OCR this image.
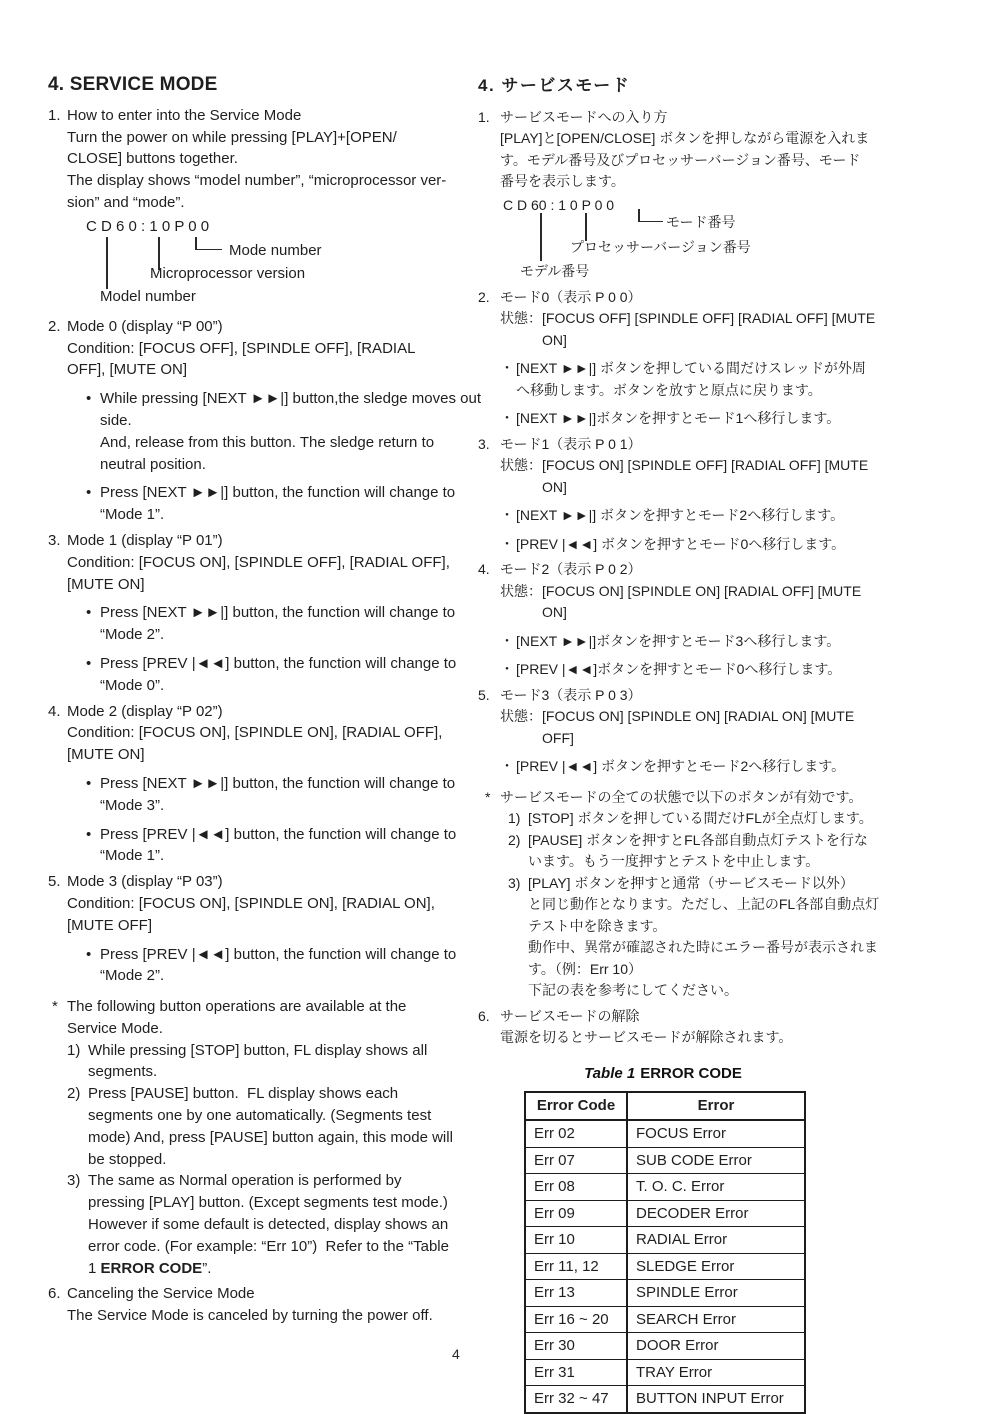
4. SERVICE MODE
1. How to enter into the Service Mode
Turn the power on while pressing [PLAY]+[OPEN/
CLOSE] buttons together.
The display shows “model number”, “microprocessor ver-
sion” and “mode”.
C D 6 0 : 1 0 P 0 0
Mode number
Microprocessor version
Model number
2. Mode 0 (display “P 00”)
Condition: [FOCUS OFF], [SPINDLE OFF], [RADIAL
OFF], [MUTE ON]
• While pressing [NEXT ►►|] button,the sledge moves out
side.
And, release from this button. The sledge return to
neutral position.
• Press [NEXT ►►|] button, the function will change to
“Mode 1”.
3. Mode 1 (display “P 01”)
Condition: [FOCUS ON], [SPINDLE OFF], [RADIAL OFF],
[MUTE ON]
• Press [NEXT ►►|] button, the function will change to
“Mode 2”.
• Press [PREV |◄◄] button, the function will change to
“Mode 0”.
4. Mode 2 (display “P 02”)
Condition: [FOCUS ON], [SPINDLE ON], [RADIAL OFF],
[MUTE ON]
• Press [NEXT ►►|] button, the function will change to
“Mode 3”.
• Press [PREV |◄◄] button, the function will change to
“Mode 1”.
5. Mode 3 (display “P 03”)
Condition: [FOCUS ON], [SPINDLE ON], [RADIAL ON],
[MUTE OFF]
• Press [PREV |◄◄] button, the function will change to
“Mode 2”.
* The following button operations are available at the
Service Mode.
1) While pressing [STOP] button, FL display shows all
segments.
2) Press [PAUSE] button.  FL display shows each
segments one by one automatically. (Segments test
mode) And, press [PAUSE] button again, this mode will
be stopped.
3) The same as Normal operation is performed by
pressing [PLAY] button. (Except segments test mode.)
However if some default is detected, display shows an
error code. (For example: “Err 10”)  Refer to the “Table
1 ERROR CODE”.
6. Canceling the Service Mode
The Service Mode is canceled by turning the power off.
4. サービスモード
1. サービスモードへの入り方
[PLAY]と[OPEN/CLOSE] ボタンを押しながら電源を入れま
す。モデル番号及びプロセッサーバージョン番号、モード
番号を表示します。
C D 60 : 1 0 P 0 0
モード番号
プロセッサーバージョン番号
モデル番号
2. モード0（表示 P 0 0）
状態：[FOCUS OFF] [SPINDLE OFF] [RADIAL OFF] [MUTE
　　　ON]
・ [NEXT ►►|] ボタンを押している間だけスレッドが外周
へ移動します。ボタンを放すと原点に戻ります。
・ [NEXT ►►|]ボタンを押すとモード1へ移行します。
3. モード1（表示 P 0 1）
状態：[FOCUS ON] [SPINDLE OFF] [RADIAL OFF] [MUTE
　　　ON]
・ [NEXT ►►|] ボタンを押すとモード2へ移行します。
・ [PREV |◄◄] ボタンを押すとモード0へ移行します。
4. モード2（表示 P 0 2）
状態：[FOCUS ON] [SPINDLE ON] [RADIAL OFF] [MUTE
　　　ON]
・ [NEXT ►►|]ボタンを押すとモード3へ移行します。
・ [PREV |◄◄]ボタンを押すとモード0へ移行します。
5. モード3（表示 P 0 3）
状態：[FOCUS ON] [SPINDLE ON] [RADIAL ON] [MUTE
　　　OFF]
・ [PREV |◄◄] ボタンを押すとモード2へ移行します。
* サービスモードの全ての状態で以下のボタンが有効です。
1) [STOP] ボタンを押している間だけFLが全点灯します。
2) [PAUSE] ボタンを押すとFL各部自動点灯テストを行な
います。もう一度押すとテストを中止します。
3) [PLAY] ボタンを押すと通常（サービスモード以外）
と同じ動作となります。ただし、上記のFL各部自動点灯
テスト中を除きます。
動作中、異常が確認された時にエラー番号が表示されま
す。（例：Err 10）
下記の表を参考にしてください。
6. サービスモードの解除
電源を切るとサービスモードが解除されます。
Table 1 ERROR CODE
Error Code	Error
Err 02	FOCUS Error
Err 07	SUB CODE Error
Err 08	T. O. C. Error
Err 09	DECODER Error
Err 10	RADIAL Error
Err 11, 12	SLEDGE Error
Err 13	SPINDLE Error
Err 16 ~ 20	SEARCH Error
Err 30	DOOR Error
Err 31	TRAY Error
Err 32 ~ 47	BUTTON INPUT Error
4
